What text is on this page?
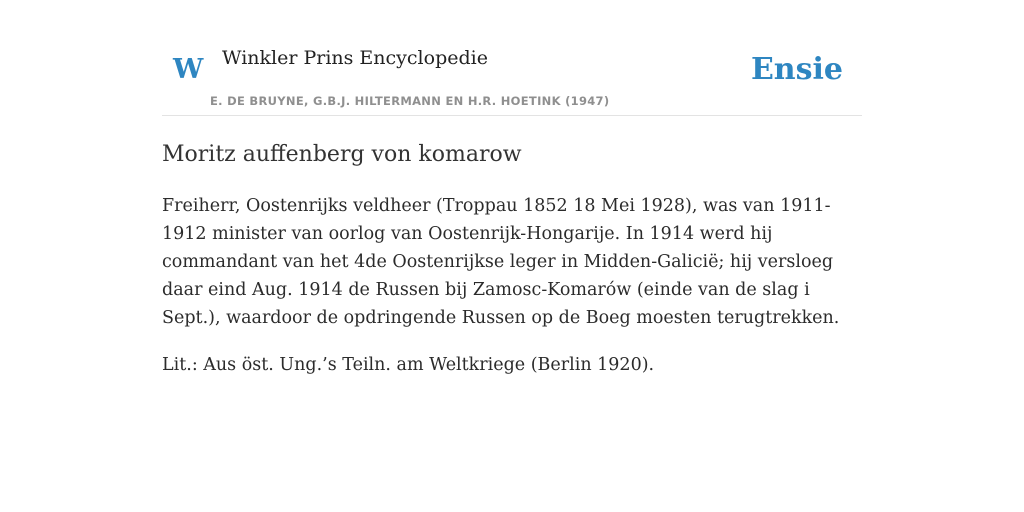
W Winkler Prins Encyclopedie
E. DE BRUYNE, G.B.J. HILTERMANN EN H.R. HOETINK (1947)
Ensie
Moritz auffenberg von komarow

Freiherr, Oostenrijks veldheer (Troppau 1852 18 Mei 1928), was van 1911-1912 minister van oorlog van Oostenrijk-Hongarije. In 1914 werd hij commandant van het 4de Oostenrijkse leger in Midden-Galicië; hij versloeg daar eind Aug. 1914 de Russen bij Zamosc-Komarów (einde van de slag i Sept.), waardoor de opdringende Russen op de Boeg moesten terugtrekken.

Lit.: Aus öst. Ung.’s Teiln. am Weltkriege (Berlin 1920).
